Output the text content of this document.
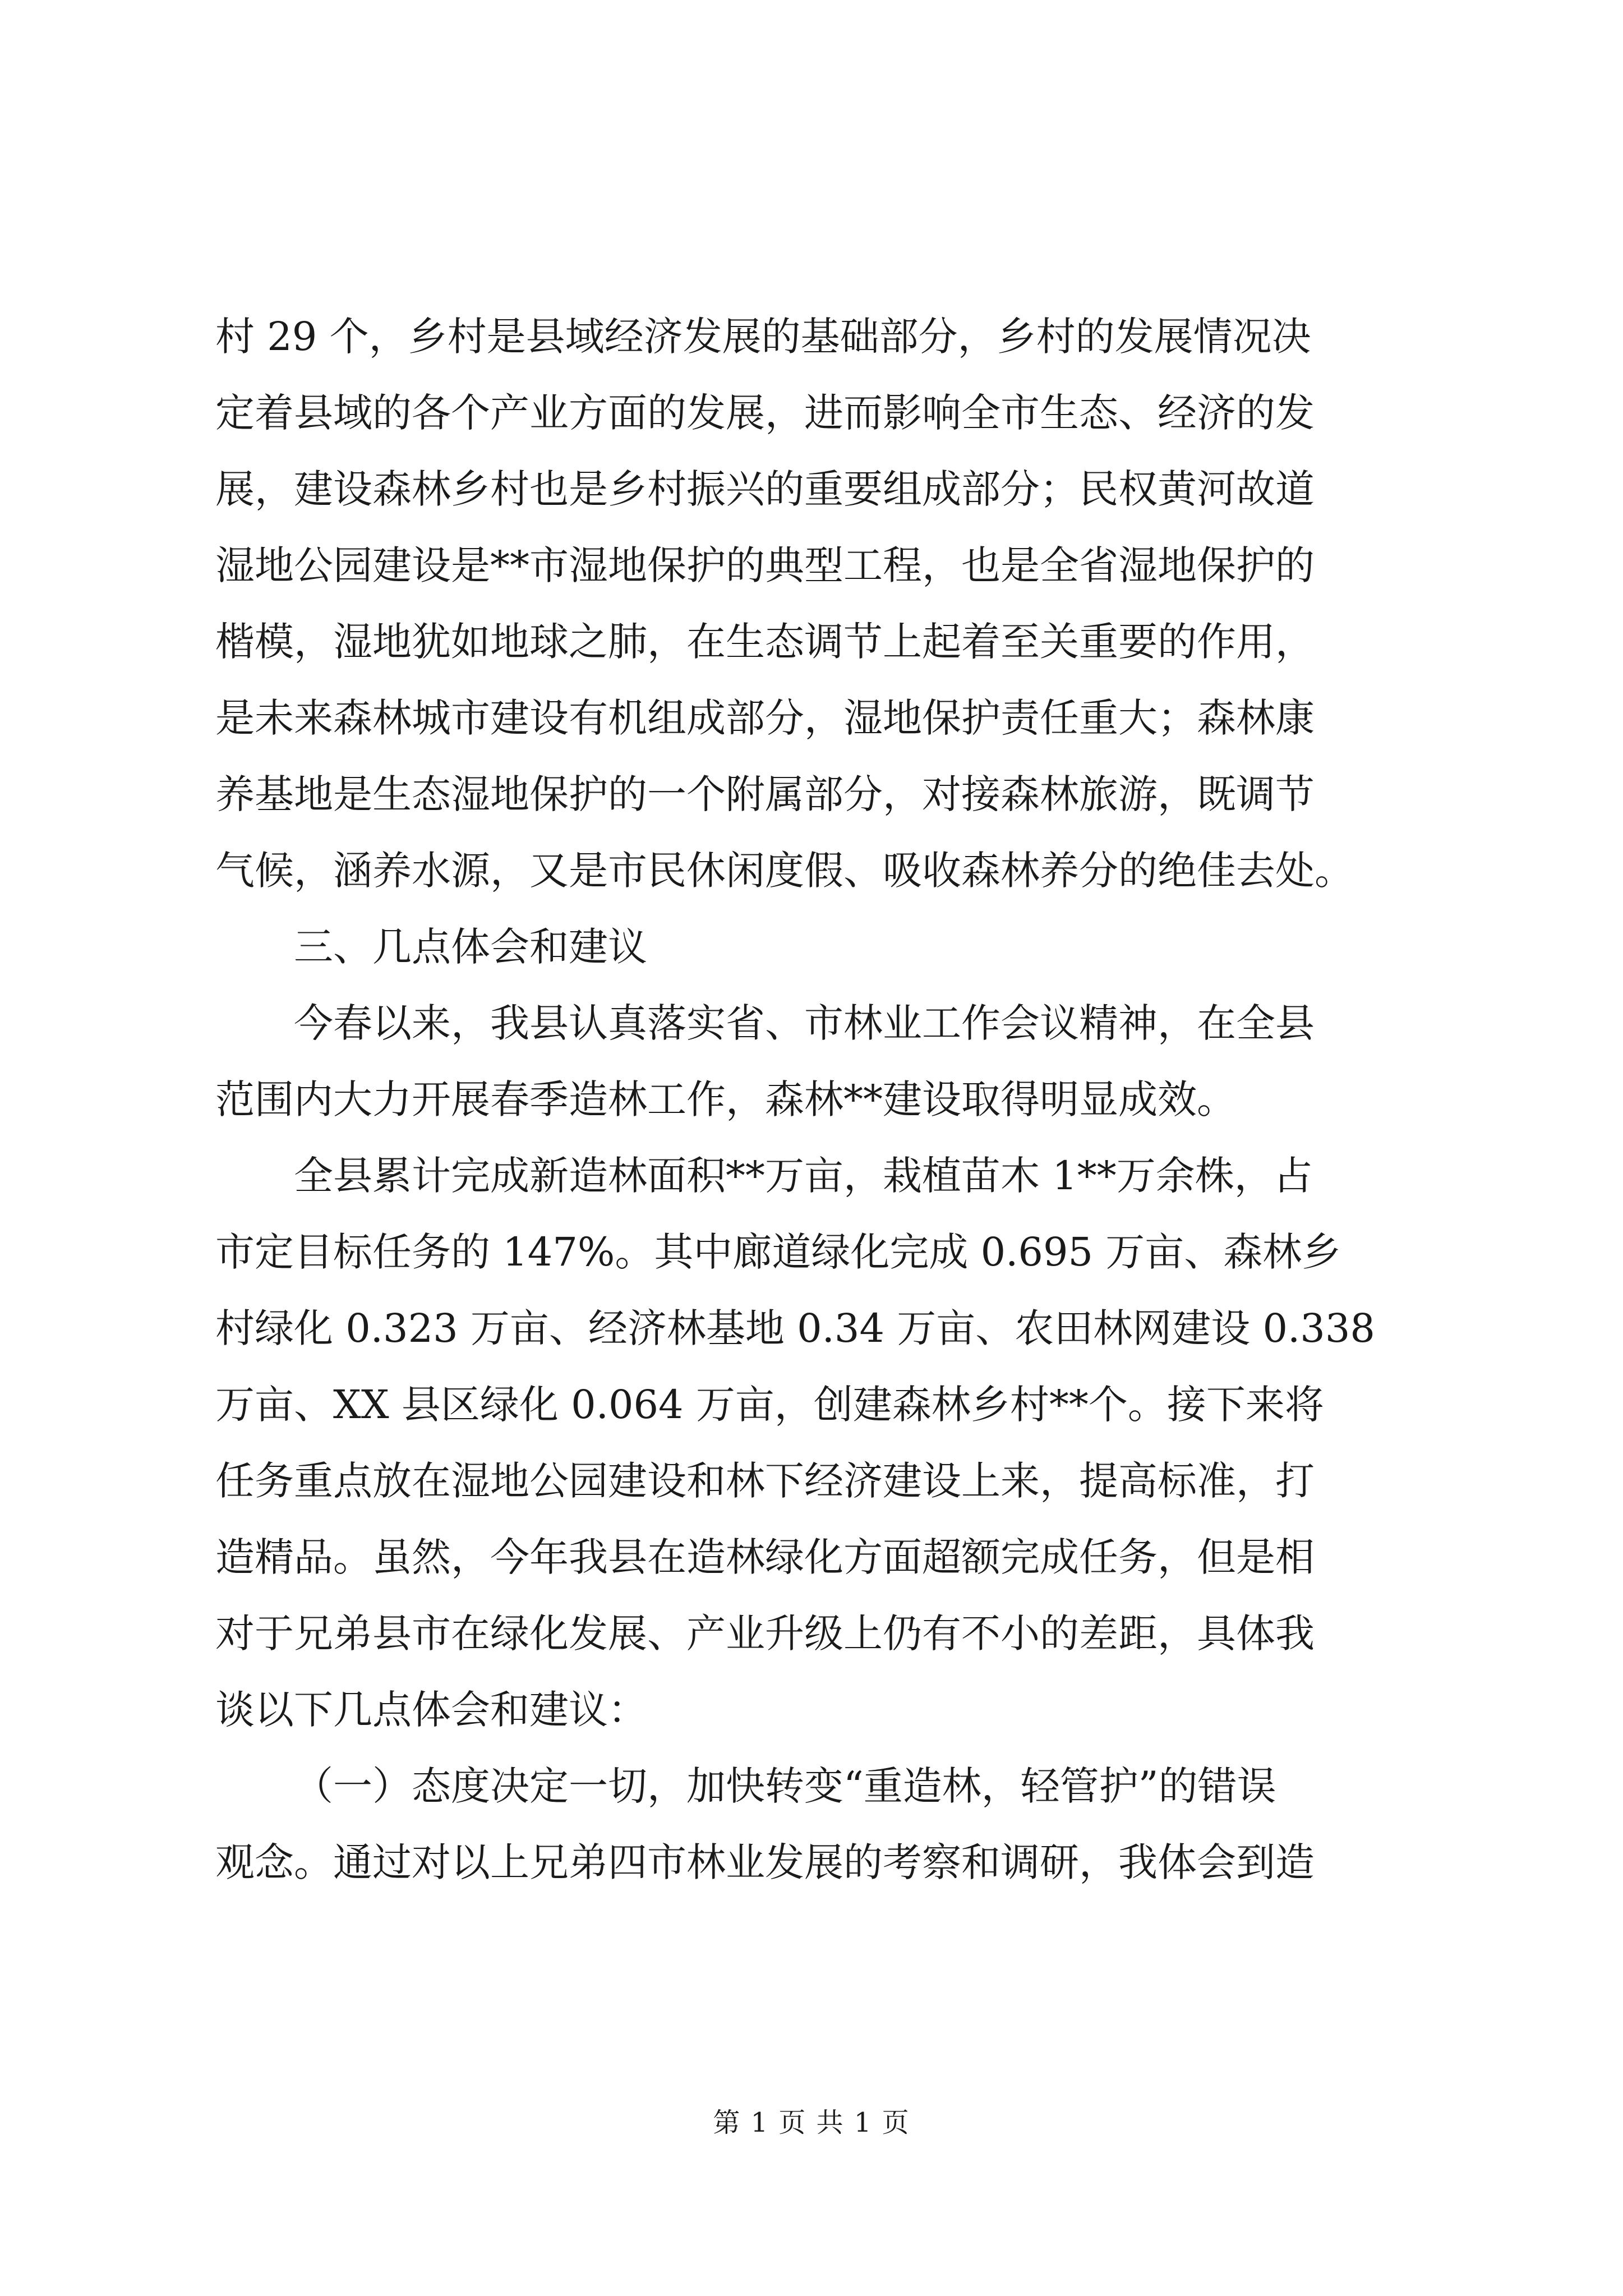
村 29 个，乡村是县域经济发展的基础部分，乡村的发展情况决
定着县域的各个产业方面的发展，进而影响全市生态、经济的发
展，建设森林乡村也是乡村振兴的重要组成部分；民权黄河故道
湿地公园建设是**市湿地保护的典型工程，也是全省湿地保护的
楷模，湿地犹如地球之肺，在生态调节上起着至关重要的作用，
是未来森林城市建设有机组成部分，湿地保护责任重大；森林康
养基地是生态湿地保护的一个附属部分，对接森林旅游，既调节
气候，涵养水源，又是市民休闲度假、吸收森林养分的绝佳去处。
三、几点体会和建议
今春以来，我县认真落实省、市林业工作会议精神，在全县
范围内大力开展春季造林工作，森林**建设取得明显成效。
全县累计完成新造林面积**万亩，栽植苗木 1**万余株，占
市定目标任务的 147%。其中廊道绿化完成 0.695 万亩、森林乡
村绿化 0.323 万亩、经济林基地 0.34 万亩、农田林网建设 0.338
万亩、XX 县区绿化 0.064 万亩，创建森林乡村**个。接下来将
任务重点放在湿地公园建设和林下经济建设上来，提高标准，打
造精品。虽然，今年我县在造林绿化方面超额完成任务，但是相
对于兄弟县市在绿化发展、产业升级上仍有不小的差距，具体我
谈以下几点体会和建议：
（一）态度决定一切，加快转变“重造林，轻管护”的错误
观念。通过对以上兄弟四市林业发展的考察和调研，我体会到造
第 1 页 共 1 页
